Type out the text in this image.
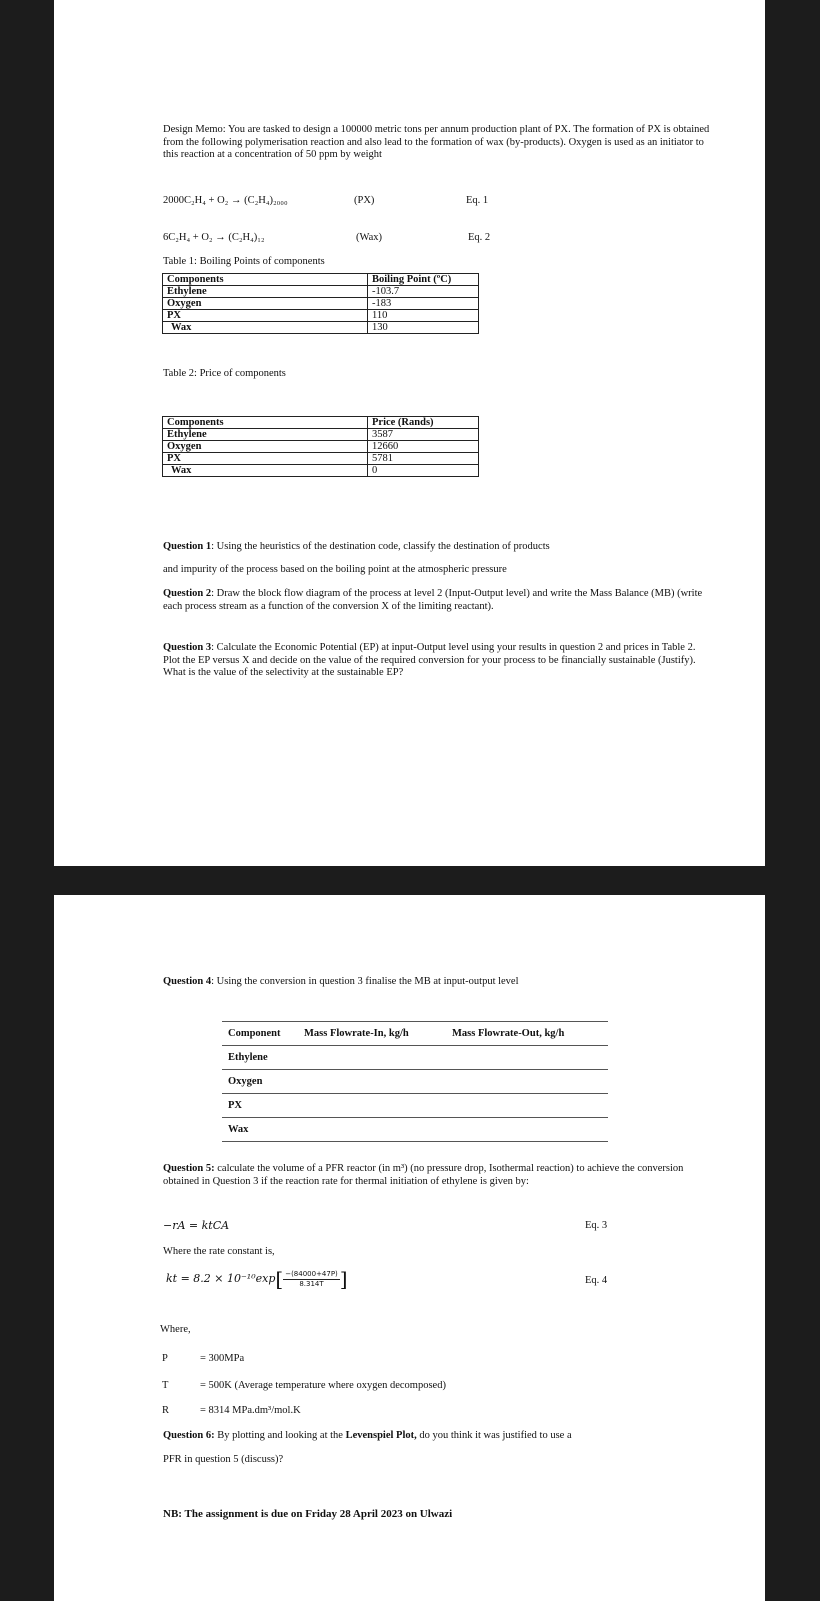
Design Memo: You are tasked to design a 100000 metric tons per annum production plant of PX. The formation of PX is obtained from the following polymerisation reaction and also lead to the formation of wax (by-products). Oxygen is used as an initiator to this reaction at a concentration of 50 ppm by weight
2000C₂H₄ + O₂ → (C₂H₄)₂₀₀₀	(PX)	Eq. 1
6C₂H₄ + O₂ → (C₂H₄)₁₂	(Wax)	Eq. 2
Table 1: Boiling Points of components
Components	Boiling Point (ºC)
Ethylene	-103.7
Oxygen	-183
PX	110
Wax	130
Table 2: Price of components
Components	Price (Rands)
Ethylene	3587
Oxygen	12660
PX	5781
Wax	0
Question 1: Using the heuristics of the destination code, classify the destination of products
and impurity of the process based on the boiling point at the atmospheric pressure
Question 2: Draw the block flow diagram of the process at level 2 (Input-Output level) and write the Mass Balance (MB) (write each process stream as a function of the conversion X of the limiting reactant).
Question 3: Calculate the Economic Potential (EP) at input-Output level using your results in question 2 and prices in Table 2. Plot the EP versus X and decide on the value of the required conversion for your process to be financially sustainable (Justify). What is the value of the selectivity at the sustainable EP?
Question 4: Using the conversion in question 3 finalise the MB at input-output level
Component	Mass Flowrate-In, kg/h	Mass Flowrate-Out, kg/h
Ethylene		
Oxygen		
PX		
Wax		
Question 5: calculate the volume of a PFR reactor (in m³) (no pressure drop, Isothermal reaction) to achieve the conversion obtained in Question 3 if the reaction rate for thermal initiation of ethylene is given by:
−rA = ktCA	Eq. 3
Where the rate constant is,
kt = $8.2 \times 10^{-10}\exp[ \frac{-(84000+47P)}{8.314T}$ ]	Eq. 4
Where,
P	= 300MPa
T	= 500K (Average temperature where oxygen decomposed)
R	= 8314 MPa.dm³/mol.K
Question 6: By plotting and looking at the Levenspiel Plot, do you think it was justified to use a
PFR in question 5 (discuss)?
NB: The assignment is due on Friday 28 April 2023 on Ulwazi
